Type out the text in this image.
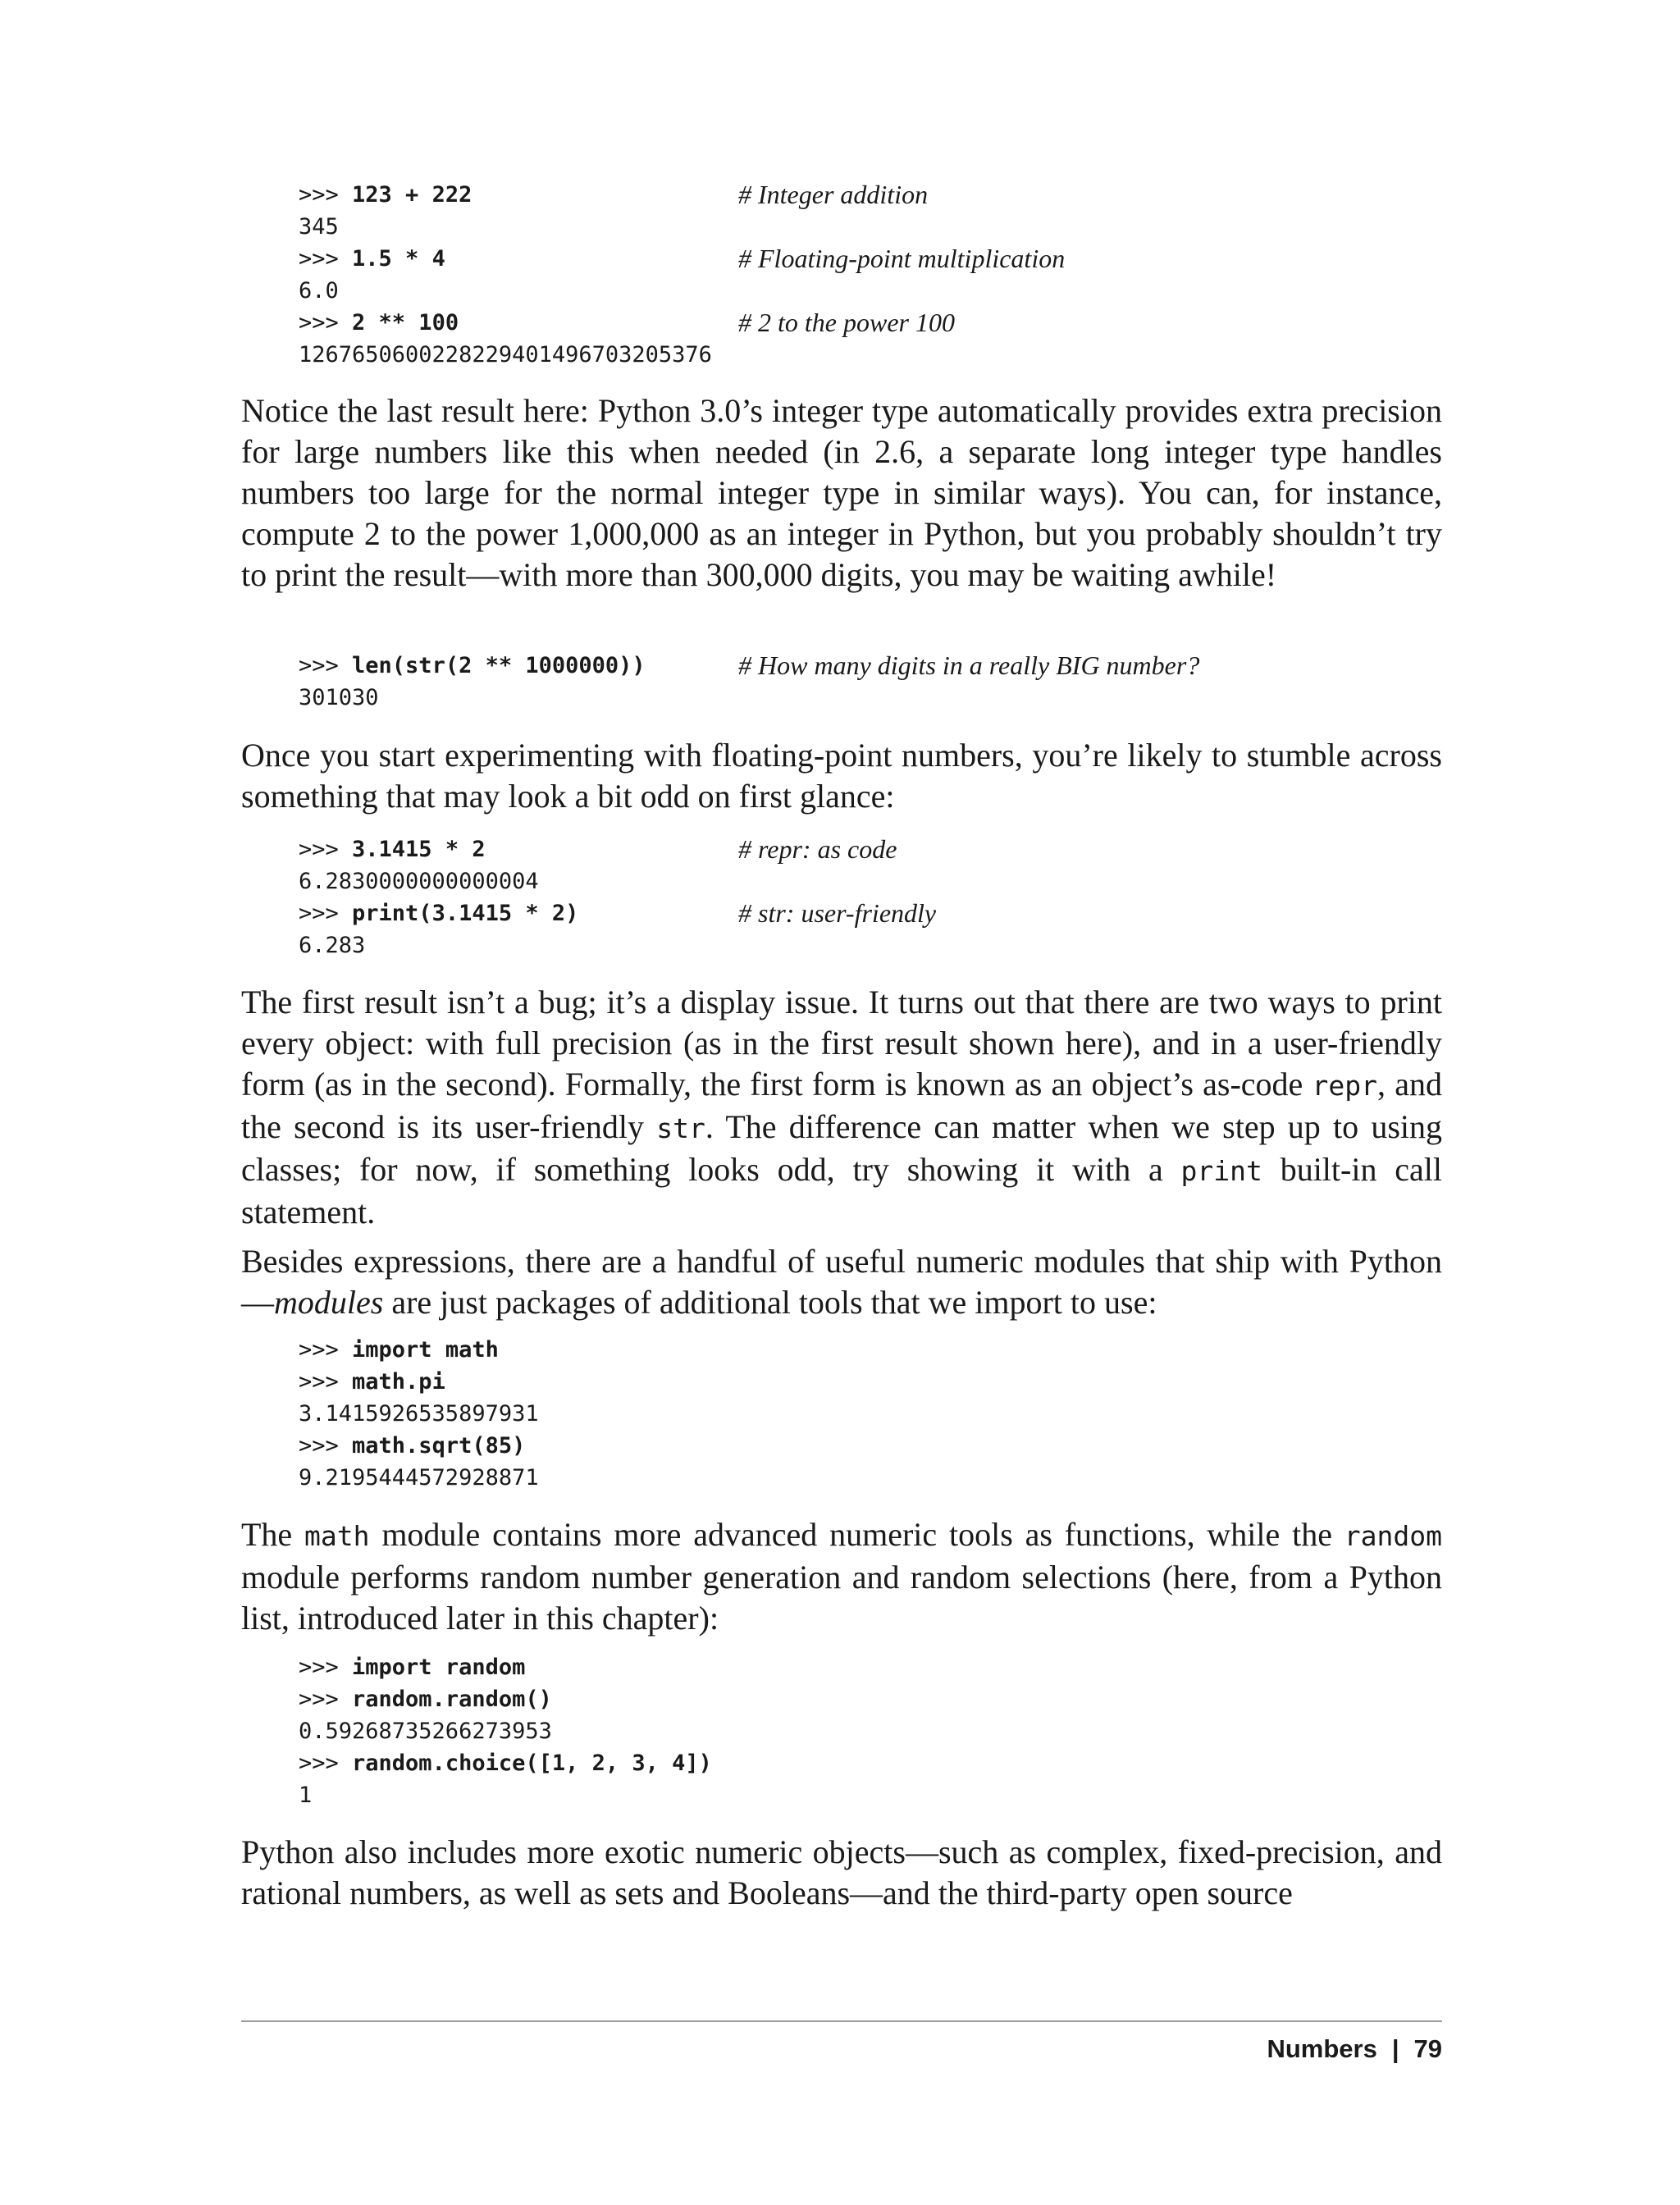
>>> 123 + 222	# Integer addition
345
>>> 1.5 * 4	# Floating-point multiplication
6.0
>>> 2 ** 100	# 2 to the power 100
1267650600228229401496703205376

Notice the last result here: Python 3.0’s integer type automatically provides extra precision for large numbers like this when needed (in 2.6, a separate long integer type handles numbers too large for the normal integer type in similar ways). You can, for instance, compute 2 to the power 1,000,000 as an integer in Python, but you probably shouldn’t try to print the result—with more than 300,000 digits, you may be waiting awhile!

>>> len(str(2 ** 1000000))	# How many digits in a really BIG number?
301030

Once you start experimenting with floating-point numbers, you’re likely to stumble across something that may look a bit odd on first glance:

>>> 3.1415 * 2	# repr: as code
6.2830000000000004
>>> print(3.1415 * 2)	# str: user-friendly
6.283

The first result isn’t a bug; it’s a display issue. It turns out that there are two ways to print every object: with full precision (as in the first result shown here), and in a user-friendly form (as in the second). Formally, the first form is known as an object’s as-code repr, and the second is its user-friendly str. The difference can matter when we step up to using classes; for now, if something looks odd, try showing it with a print built-in call statement.

Besides expressions, there are a handful of useful numeric modules that ship with Python—modules are just packages of additional tools that we import to use:

>>> import math
>>> math.pi
3.1415926535897931
>>> math.sqrt(85)
9.2195444572928871

The math module contains more advanced numeric tools as functions, while the random module performs random number generation and random selections (here, from a Python list, introduced later in this chapter):

>>> import random
>>> random.random()
0.59268735266273953
>>> random.choice([1, 2, 3, 4])
1

Python also includes more exotic numeric objects—such as complex, fixed-precision, and rational numbers, as well as sets and Booleans—and the third-party open source

Numbers | 79
